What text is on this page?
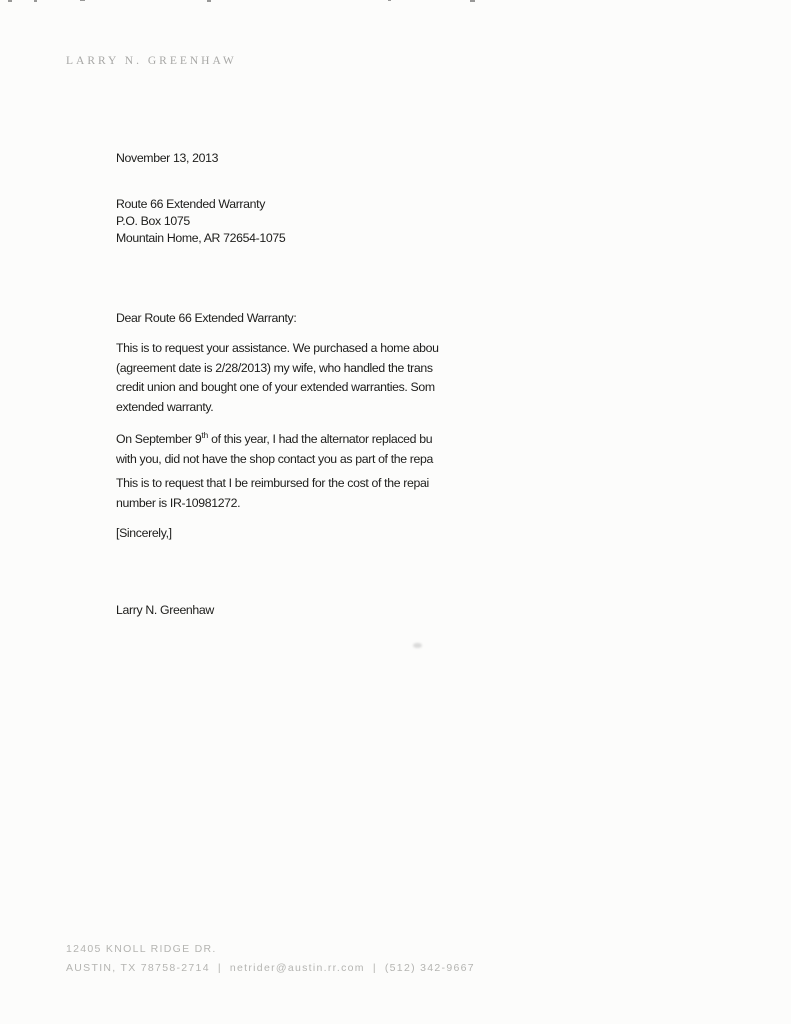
LARRY N. GREENHAW
November 13, 2013
Route 66 Extended Warranty
P.O. Box 1075
Mountain Home, AR 72654-1075
Dear Route 66 Extended Warranty:
This is to request your assistance. We purchased a home abou
(agreement date is 2/28/2013) my wife, who handled the trans
credit union and bought one of your extended warranties. Som
extended warranty.
On September 9th of this year, I had the alternator replaced bu
with you, did not have the shop contact you as part of the repa
This is to request that I be reimbursed for the cost of the repai
number is IR-10981272.
[Sincerely,]
Larry N. Greenhaw
12405 KNOLL RIDGE DR.
AUSTIN, TX 78758-2714 | netrider@austin.rr.com | (512) 342-9667
